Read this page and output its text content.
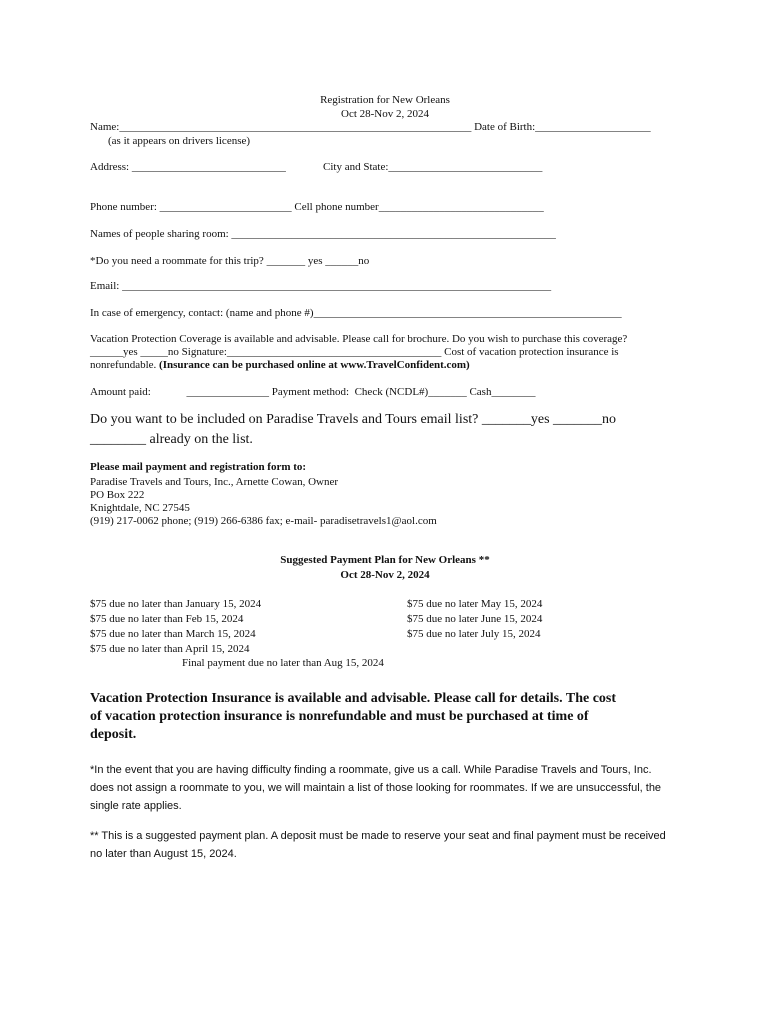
Registration for New Orleans
Oct 28-Nov 2, 2024
Name:________________________________________________________________ Date of Birth:_____________________
(as it appears on drivers license)
Address: ____________________________	City and State:____________________________
Phone number: ________________________ Cell phone number______________________________
Names of people sharing room: ___________________________________________________________
*Do you need a roommate for this trip? _______ yes ______no
Email: ______________________________________________________________________________
In case of emergency, contact: (name and phone #)________________________________________________________
Vacation Protection Coverage is available and advisable. Please call for brochure. Do you wish to purchase this coverage?
______yes _____no Signature:_______________________________________ Cost of vacation protection insurance is
nonrefundable. (Insurance can be purchased online at www.TravelConfident.com)
Amount paid:             _______________ Payment method:  Check (NCDL#)_______ Cash________
Do you want to be included on Paradise Travels and Tours email list? _______yes _______no
________ already on the list.
Please mail payment and registration form to:
Paradise Travels and Tours, Inc., Arnette Cowan, Owner
PO Box 222
Knightdale, NC 27545
(919) 217-0062 phone; (919) 266-6386 fax; e-mail- paradisetravels1@aol.com
Suggested Payment Plan for New Orleans **
Oct 28-Nov 2, 2024
$75 due no later than January 15, 2024
$75 due no later than Feb 15, 2024
$75 due no later than March 15, 2024
$75 due no later than April 15, 2024
$75 due no later May 15, 2024
$75 due no later June 15, 2024
$75 due no later July 15, 2024
Final payment due no later than Aug 15, 2024
Vacation Protection Insurance is available and advisable. Please call for details. The cost
of vacation protection insurance is nonrefundable and must be purchased at time of
deposit.
*In the event that you are having difficulty finding a roommate, give us a call. While Paradise Travels and Tours, Inc. does not assign a roommate to you, we will maintain a list of those looking for roommates. If we are unsuccessful, the single rate applies.
** This is a suggested payment plan. A deposit must be made to reserve your seat and final payment must be received no later than August 15, 2024.
